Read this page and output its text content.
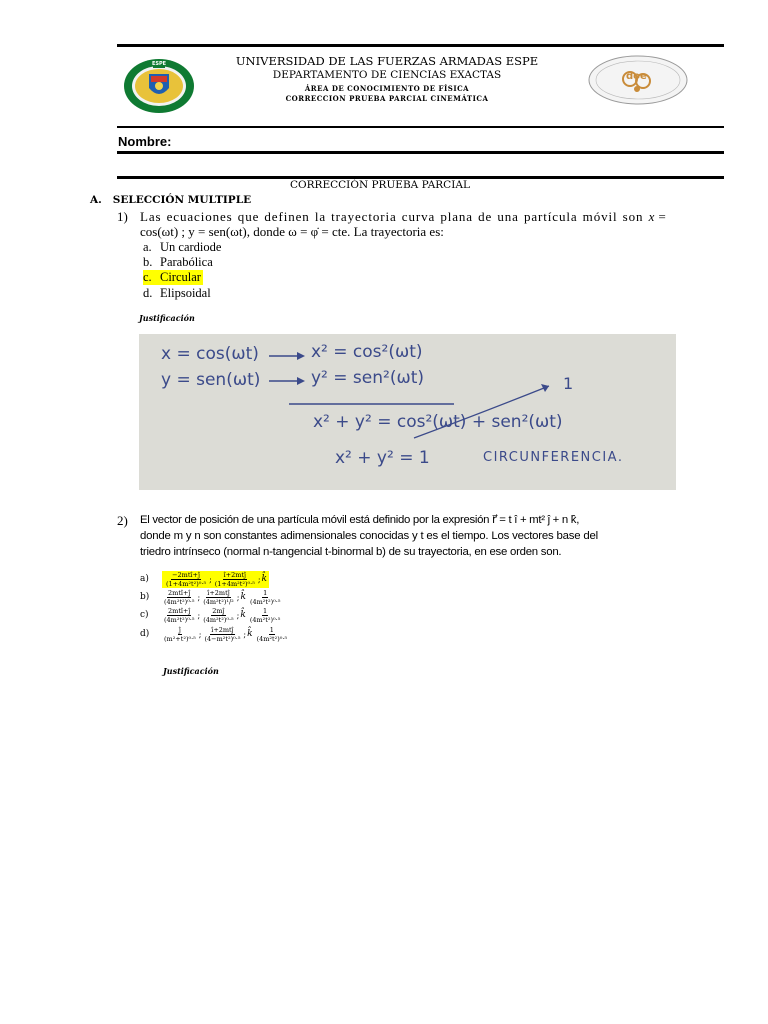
ESPE
doe
UNIVERSIDAD DE LAS FUERZAS ARMADAS ESPE
DEPARTAMENTO DE CIENCIAS EXACTAS
ÁREA DE CONOCIMIENTO DE FÍSICA
CORRECCION PRUEBA PARCIAL CINEMÁTICA
Nombre:
CORRECCIÓN PRUEBA PARCIAL
A.   SELECCIÓN MULTIPLE
1) Las ecuaciones que definen la trayectoria curva plana de una partícula móvil son x =
cos(ωt) ; y = sen(ωt), donde ω = φ̇ = cte. La trayectoria es:
a. Un cardiode
b. Parabólica
c. Circular
d. Elipsoidal
Justificación
x = cos(ωt)	x² = cos²(ωt)
y = sen(ωt)	y² = sen²(ωt)	1
x² + y² = cos²(ωt) + sen²(ωt)
x² + y² = 1	CIRCUNFERENCIA.
2) El vector de posición de una partícula móvil está definido por la expresión r⃗ = t î + mt² ĵ + n k̂,
donde m y n son constantes adimensionales conocidas y t es el tiempo. Los vectores base del
triedro intrínseco (normal n-tangencial t-binormal b) de su trayectoria, en ese orden son.
a)	$\frac{\text{−2mtî+ĵ}}{\text{(1+4m²t²)⁰·⁵}}$ ; $\frac{\text{î+2mtĵ}}{\text{(1+4m²t²)⁰·⁵}}$ ; k̂
b)	$\frac{\text{2mtî+ĵ}}{\text{(4m²t²)⁰·⁵}}$ ; $\frac{\text{î+2mtĵ}}{\text{(4m²t²)¹/²}}$ ; k̂ $\frac{1}{\text{(4m²t²)⁰·⁵}}$
c)	$\frac{\text{2mtî+ĵ}}{\text{(4m²t²)⁰·⁵}}$ ; $\frac{2mĵ}{\text{(4m²t²)⁰·⁵}}$ ; k̂ $\frac{1}{\text{(4m²t²)⁰·⁵}}$
d)	$\frac{ĵ}{\text{(m²+t²)⁰·⁵}}$ ; $\frac{\text{î+2mtĵ}}{\text{(4−m²t²)⁰·⁵}}$ ; k̂ $\frac{1}{\text{(4m²t²)⁰·⁵}}$
Justificación
